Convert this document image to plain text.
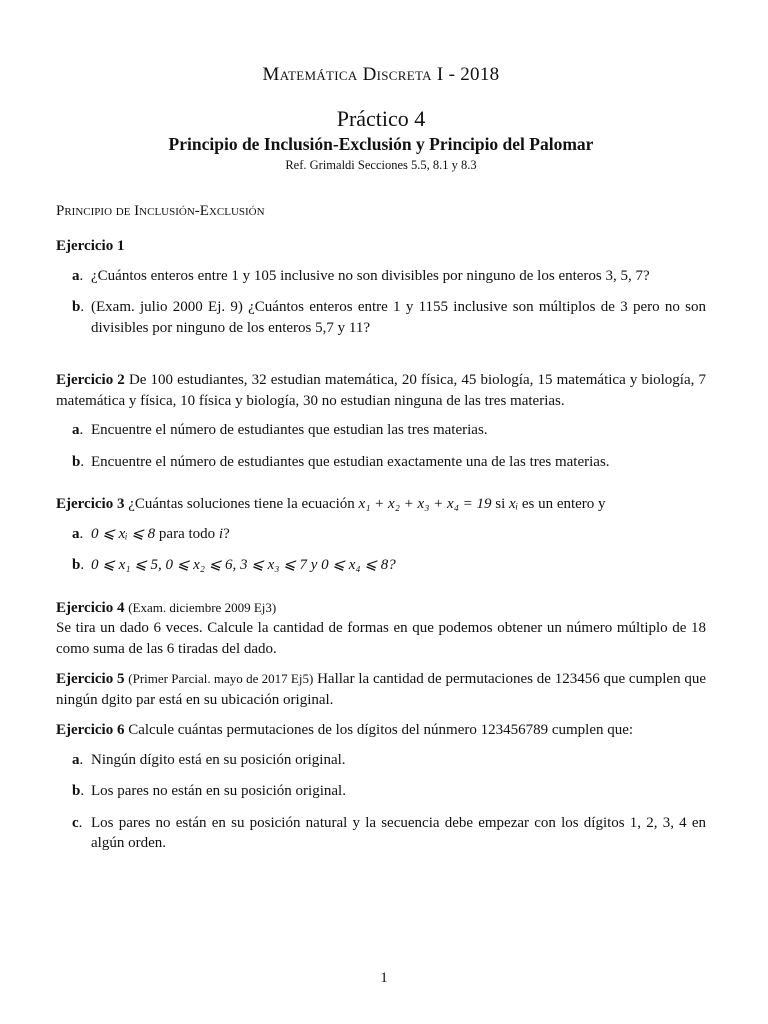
Matemática Discreta I - 2018
Práctico 4
Principio de Inclusión-Exclusión y Principio del Palomar
Ref. Grimaldi Secciones 5.5, 8.1 y 8.3
Principio de Inclusión-Exclusión
Ejercicio 1
a . ¿Cuántos enteros entre 1 y 105 inclusive no son divisibles por ninguno de los enteros 3, 5, 7?
b . (Exam. julio 2000 Ej. 9) ¿Cuántos enteros entre 1 y 1155 inclusive son múltiplos de 3 pero no son divisibles por ninguno de los enteros 5,7 y 11?
Ejercicio 2 De 100 estudiantes, 32 estudian matemática, 20 física, 45 biología, 15 matemática y biología, 7 matemática y física, 10 física y biología, 30 no estudian ninguna de las tres materias.
a . Encuentre el número de estudiantes que estudian las tres materias.
b . Encuentre el número de estudiantes que estudian exactamente una de las tres materias.
Ejercicio 3 ¿Cuántas soluciones tiene la ecuación x₁ + x₂ + x₃ + x₄ = 19 si xᵢ es un entero y
a . 0 ⩽ xᵢ ⩽ 8 para todo i?
b . 0 ⩽ x₁ ⩽ 5, 0 ⩽ x₂ ⩽ 6, 3 ⩽ x₃ ⩽ 7 y 0 ⩽ x₄ ⩽ 8?
Ejercicio 4 (Exam. diciembre 2009 Ej3)
Se tira un dado 6 veces. Calcule la cantidad de formas en que podemos obtener un número múltiplo de 18 como suma de las 6 tiradas del dado.
Ejercicio 5 (Primer Parcial. mayo de 2017 Ej5) Hallar la cantidad de permutaciones de 123456 que cumplen que ningún dgito par está en su ubicación original.
Ejercicio 6 Calcule cuántas permutaciones de los dígitos del núnmero 123456789 cumplen que:
a . Ningún dígito está en su posición original.
b . Los pares no están en su posición original.
c . Los pares no están en su posición natural y la secuencia debe empezar con los dígitos 1, 2, 3, 4 en algún orden.
1
